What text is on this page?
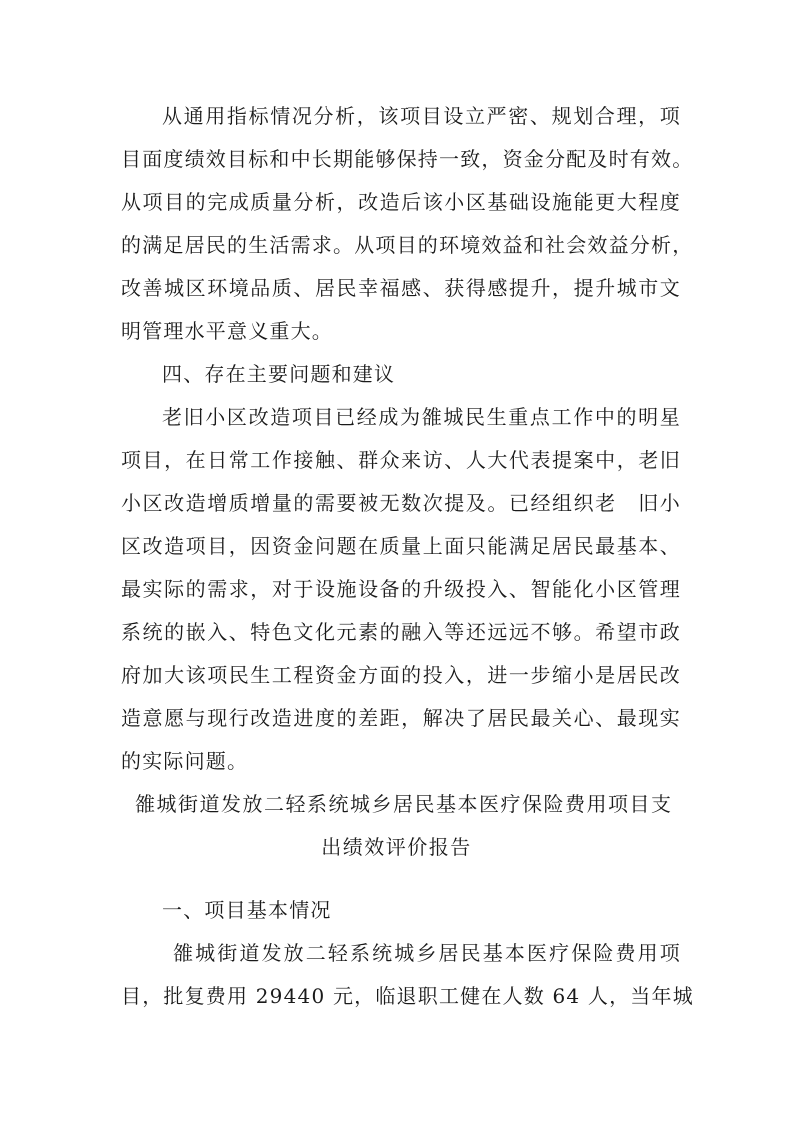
从通用指标情况分析，该项目设立严密、规划合理，项
目面度绩效目标和中长期能够保持一致，资金分配及时有效。
从项目的完成质量分析，改造后该小区基础设施能更大程度
的满足居民的生活需求。从项目的环境效益和社会效益分析，
改善城区环境品质、居民幸福感、获得感提升，提升城市文
明管理水平意义重大。
四、存在主要问题和建议
老旧小区改造项目已经成为雒城民生重点工作中的明星
项目，在日常工作接触、群众来访、人大代表提案中，老旧
小区改造增质增量的需要被无数次提及。已经组织老　旧小
区改造项目，因资金问题在质量上面只能满足居民最基本、
最实际的需求，对于设施设备的升级投入、智能化小区管理
系统的嵌入、特色文化元素的融入等还远远不够。希望市政
府加大该项民生工程资金方面的投入，进一步缩小是居民改
造意愿与现行改造进度的差距，解决了居民最关心、最现实
的实际问题。
雒城街道发放二轻系统城乡居民基本医疗保险费用项目支
出绩效评价报告
一、项目基本情况
雒城街道发放二轻系统城乡居民基本医疗保险费用项
目，批复费用 29440 元，临退职工健在人数 64 人，当年城
